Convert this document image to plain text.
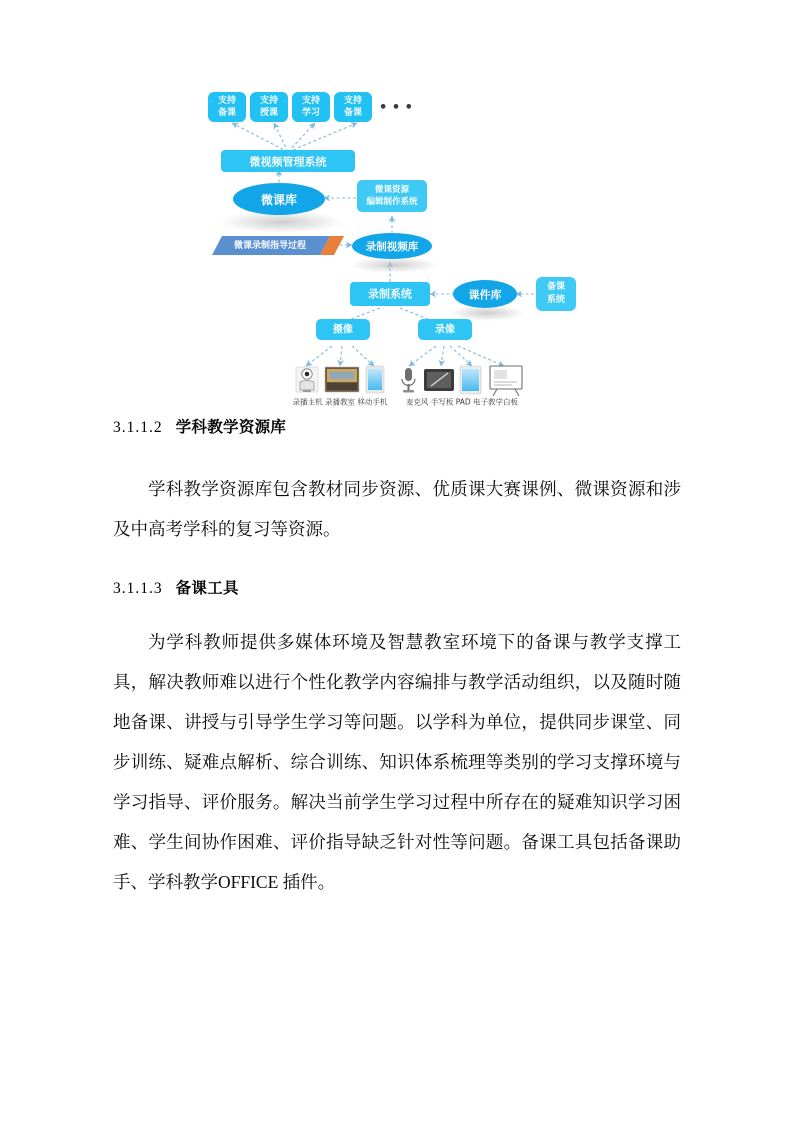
支持
备课
支持
授课
支持
学习
支持
备课 • • •
微视频管理系统
微课库
微课资源
编辑制作系统
微课录制指导过程	录制视频库
录制系统	课件库
备课
系统
摄像	录像
录播主机 录播教室 移动手机 麦克风 手写板 PAD 电子教学白板
3.1.1.2 学科教学资源库

学科教学资源库包含教材同步资源、优质课大赛课例、微课资源和涉及中高考学科的复习等资源。

3.1.1.3 备课工具

为学科教师提供多媒体环境及智慧教室环境下的备课与教学支撑工具，解决教师难以进行个性化教学内容编排与教学活动组织，以及随时随地备课、讲授与引导学生学习等问题。以学科为单位，提供同步课堂、同步训练、疑难点解析、综合训练、知识体系梳理等类别的学习支撑环境与学习指导、评价服务。解决当前学生学习过程中所存在的疑难知识学习困难、学生间协作困难、评价指导缺乏针对性等问题。备课工具包括备课助手、学科教学OFFICE 插件。
